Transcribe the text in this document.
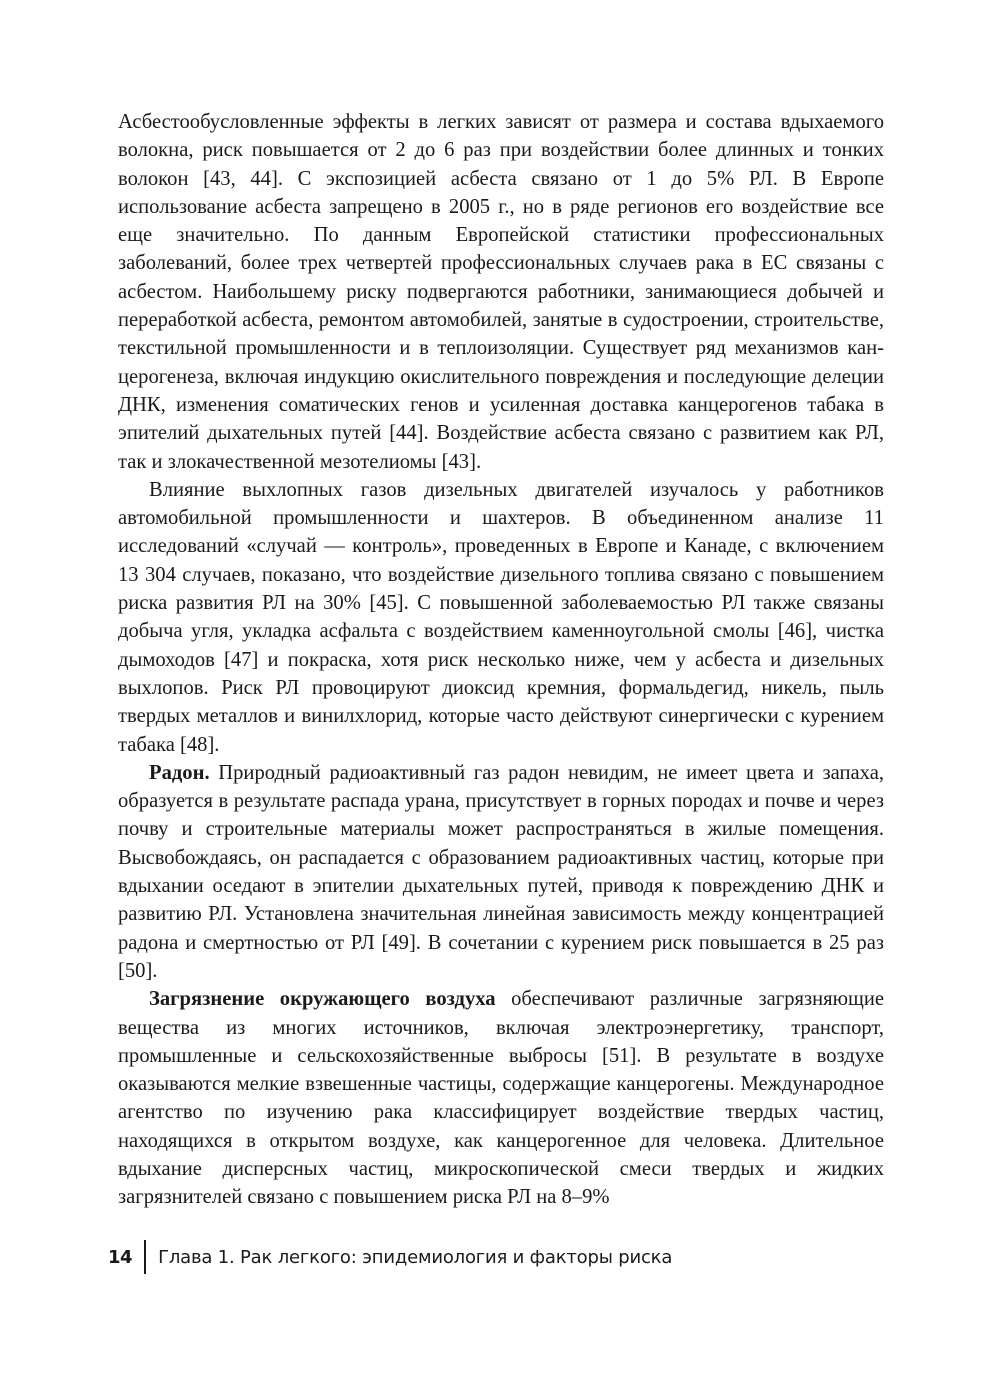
Асбестообусловленные эффекты в легких зависят от размера и состава вдыхаемого волокна, риск повышается от 2 до 6 раз при воздействии более длинных и тонких волокон [43, 44]. С экспозицией асбеста связано от 1 до 5% РЛ. В Европе использование асбеста запрещено в 2005 г., но в ряде регионов его воздействие все еще значительно. По данным Европейской статистики профессиональных заболеваний, более трех четвертей профессиональных случаев рака в ЕС связаны с асбестом. Наибольшему риску подвергаются работники, занимающиеся добычей и переработкой асбеста, ремонтом автомобилей, занятые в судостроении, строительстве, текстильной промышленности и в теплоизоляции. Существует ряд механизмов канцерогенеза, включая индукцию окислительного повреждения и последующие делеции ДНК, изменения соматических генов и усиленная доставка канцерогенов табака в эпителий дыхательных путей [44]. Воздействие асбеста связано с развитием как РЛ, так и злокачественной мезотелиомы [43].

Влияние выхлопных газов дизельных двигателей изучалось у работников автомобильной промышленности и шахтеров. В объединенном анализе 11 исследований «случай — контроль», проведенных в Европе и Канаде, с включением 13 304 случаев, показано, что воздействие дизельного топлива связано с повышением риска развития РЛ на 30% [45]. С повышенной заболеваемостью РЛ также связаны добыча угля, укладка асфальта с воздействием каменноугольной смолы [46], чистка дымоходов [47] и покраска, хотя риск несколько ниже, чем у асбеста и дизельных выхлопов. Риск РЛ провоцируют диоксид кремния, формальдегид, никель, пыль твердых металлов и винилхлорид, которые часто действуют синергически с курением табака [48].

Радон. Природный радиоактивный газ радон невидим, не имеет цвета и запаха, образуется в результате распада урана, присутствует в горных породах и почве и через почву и строительные материалы может распространяться в жилые помещения. Высвобождаясь, он распадается с образованием радиоактивных частиц, которые при вдыхании оседают в эпителии дыхательных путей, приводя к повреждению ДНК и развитию РЛ. Установлена значительная линейная зависимость между концентрацией радона и смертностью от РЛ [49]. В сочетании с курением риск повышается в 25 раз [50].

Загрязнение окружающего воздуха обеспечивают различные загрязняющие вещества из многих источников, включая электроэнергетику, транспорт, промышленные и сельскохозяйственные выбросы [51]. В результате в воздухе оказываются мелкие взвешенные частицы, содержащие канцерогены. Международное агентство по изучению рака классифицирует воздействие твердых частиц, находящихся в открытом воздухе, как канцерогенное для человека. Длительное вдыхание дисперсных частиц, микроскопической смеси твердых и жидких загрязнителей связано с повышением риска РЛ на 8–9%

14 Глава 1. Рак легкого: эпидемиология и факторы риска
